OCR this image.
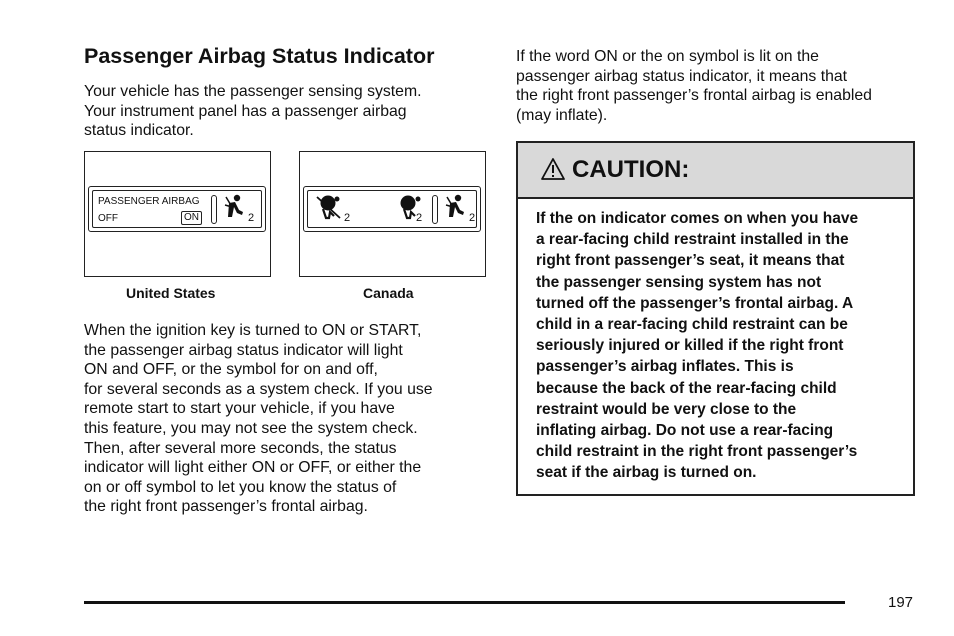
Passenger Airbag Status Indicator

Your vehicle has the passenger sensing system.
Your instrument panel has a passenger airbag
status indicator.

PASSENGER AIRBAG
OFF	ON	2
United States
2	2	2
Canada

When the ignition key is turned to ON or START,
the passenger airbag status indicator will light
ON and OFF, or the symbol for on and off,
for several seconds as a system check. If you use
remote start to start your vehicle, if you have
this feature, you may not see the system check.
Then, after several more seconds, the status
indicator will light either ON or OFF, or either the
on or off symbol to let you know the status of
the right front passenger’s frontal airbag.

If the word ON or the on symbol is lit on the
passenger airbag status indicator, it means that
the right front passenger’s frontal airbag is enabled
(may inflate).

CAUTION:

If the on indicator comes on when you have
a rear-facing child restraint installed in the
right front passenger’s seat, it means that
the passenger sensing system has not
turned off the passenger’s frontal airbag. A
child in a rear-facing child restraint can be
seriously injured or killed if the right front
passenger’s airbag inflates. This is
because the back of the rear-facing child
restraint would be very close to the
inflating airbag. Do not use a rear-facing
child restraint in the right front passenger’s
seat if the airbag is turned on.

197
